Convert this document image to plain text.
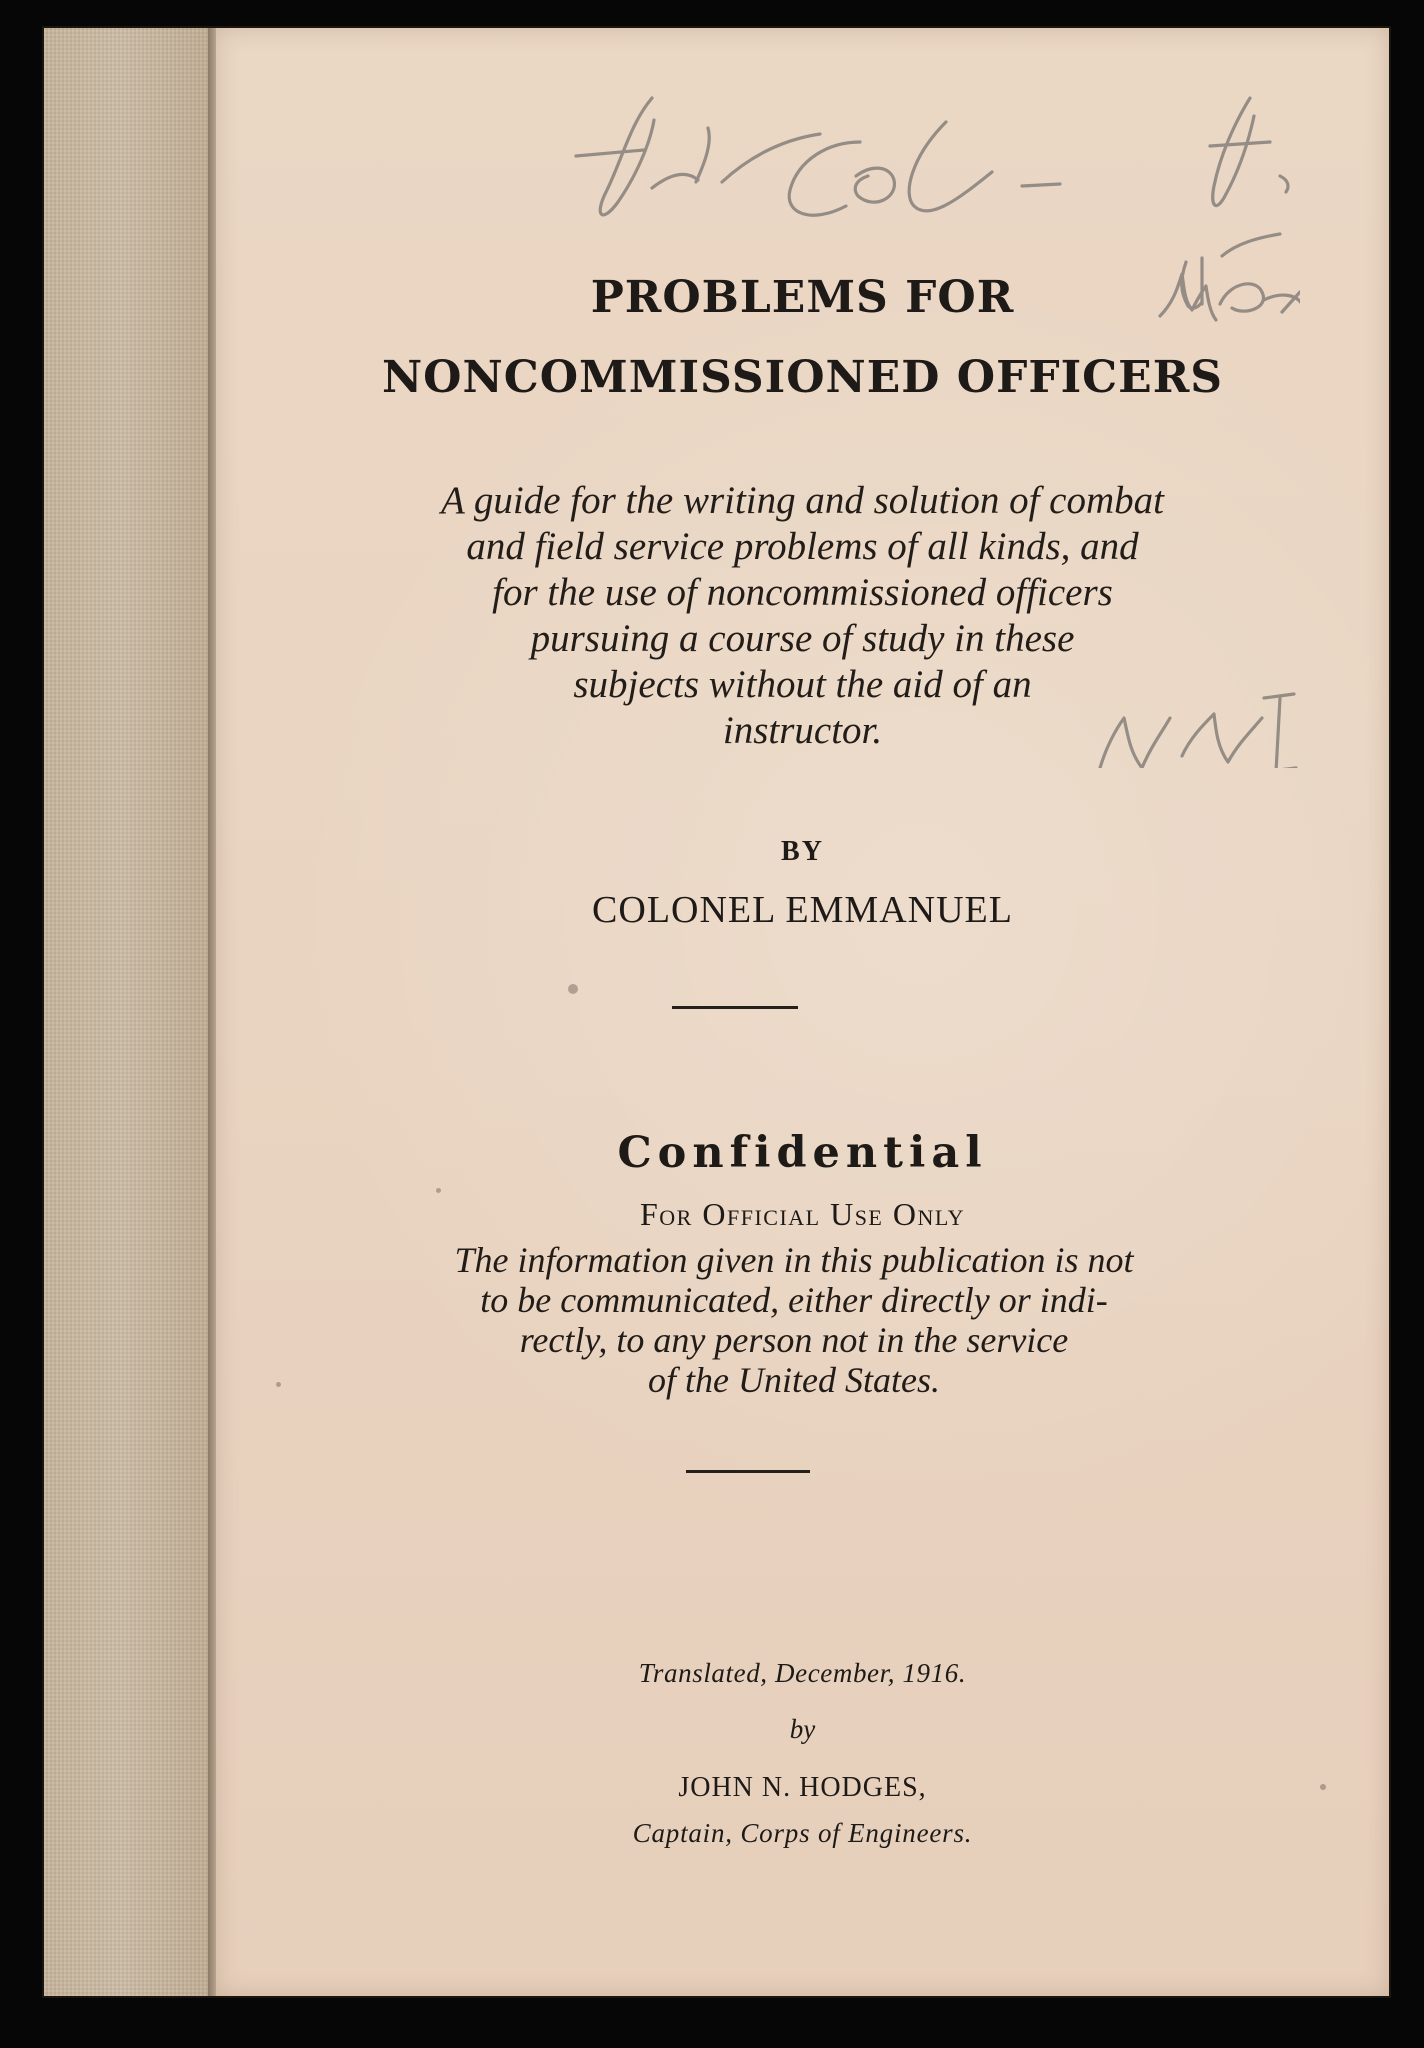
PROBLEMS FOR
NONCOMMISSIONED OFFICERS
A guide for the writing and solution of combat
and field service problems of all kinds, and
for the use of noncommissioned officers
pursuing a course of study in these
subjects without the aid of an
instructor.
BY
COLONEL EMMANUEL
Confidential
For Official Use Only
The information given in this publication is not
to be communicated, either directly or indi-
rectly, to any person not in the service
of the United States.
Translated, December, 1916.
by
JOHN N. HODGES,
Captain, Corps of Engineers.
